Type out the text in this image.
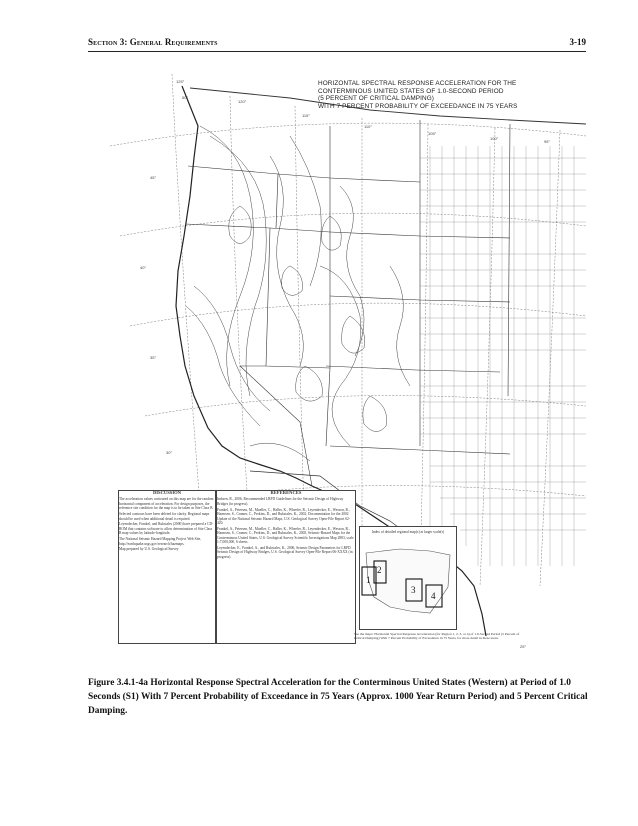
Section 3: General Requirements	3-19
HORIZONTAL SPECTRAL RESPONSE ACCELERATION FOR THE
CONTERMINOUS UNITED STATES OF 1.0-SECOND PERIOD
(5 PERCENT OF CRITICAL DAMPING)
WITH 7 PERCENT PROBABILITY OF EXCEEDANCE IN 75 YEARS
125°
120°
115°
110°
105°
100°
95°
50°
45°
40°
35°
30°
25°
DISCUSSION

The acceleration values contoured on this map are for the random horizontal component of acceleration. For design purposes, the reference site condition for the map is to be taken as Site Class B.

Selected contours have been deleted for clarity. Regional maps should be used when additional detail is required.

Leyendecker, Frankel, and Rukstales (2000) have prepared a CD-ROM that contains software to allow determination of Site Class B map values by latitude-longitude.

The National Seismic Hazard Mapping Project Web Site, http://earthquake.usgs.gov/research/hazmaps.

Map prepared by U.S. Geological Survey

REFERENCES

Imbsen, R., 2006, Recommended LRFD Guidelines for the Seismic Design of Highway Bridges (in progress).

Frankel, A., Petersen, M., Mueller, C., Haller, K., Wheeler, R., Leyendecker, E., Wesson, R., Harmsen, S., Cramer, C., Perkins, D., and Rukstales, K., 2002, Documentation for the 2002 Update of the National Seismic Hazard Maps, U.S. Geological Survey Open-File Report 02-420.

Frankel, A., Petersen, M., Mueller, C., Haller, K., Wheeler, R., Leyendecker, E., Wesson, R., Harmsen, S., Cramer, C., Perkins, D., and Rukstales, K., 2005, Seismic-Hazard Maps for the Conterminous United States, U.S. Geological Survey Scientific Investigations Map 2883, scale 1:7,000,000, 6 sheets.

Leyendecker, E., Frankel, A., and Rukstales, K., 2006, Seismic Design Parameters for LRFD Seismic Design of Highway Bridges, U.S. Geological Survey Open-File Report 06-XXXX (in progress).

Index of detailed regional map(s) at larger scale(s)
1
2
3
4
See the maps: Horizontal Spectral Response Acceleration (for Region 1, 2, 3, or 4) of 1.0-Second Period (5 Percent of Critical Damping) With 7 Percent Probability of Exceedance in 75 Years, for more detail in these areas.
Figure 3.4.1-4a Horizontal Response Spectral Acceleration for the Conterminous United States (Western) at Period of 1.0 Seconds (S1) With 7 Percent Probability of Exceedance in 75 Years (Approx. 1000 Year Return Period) and 5 Percent Critical Damping.
